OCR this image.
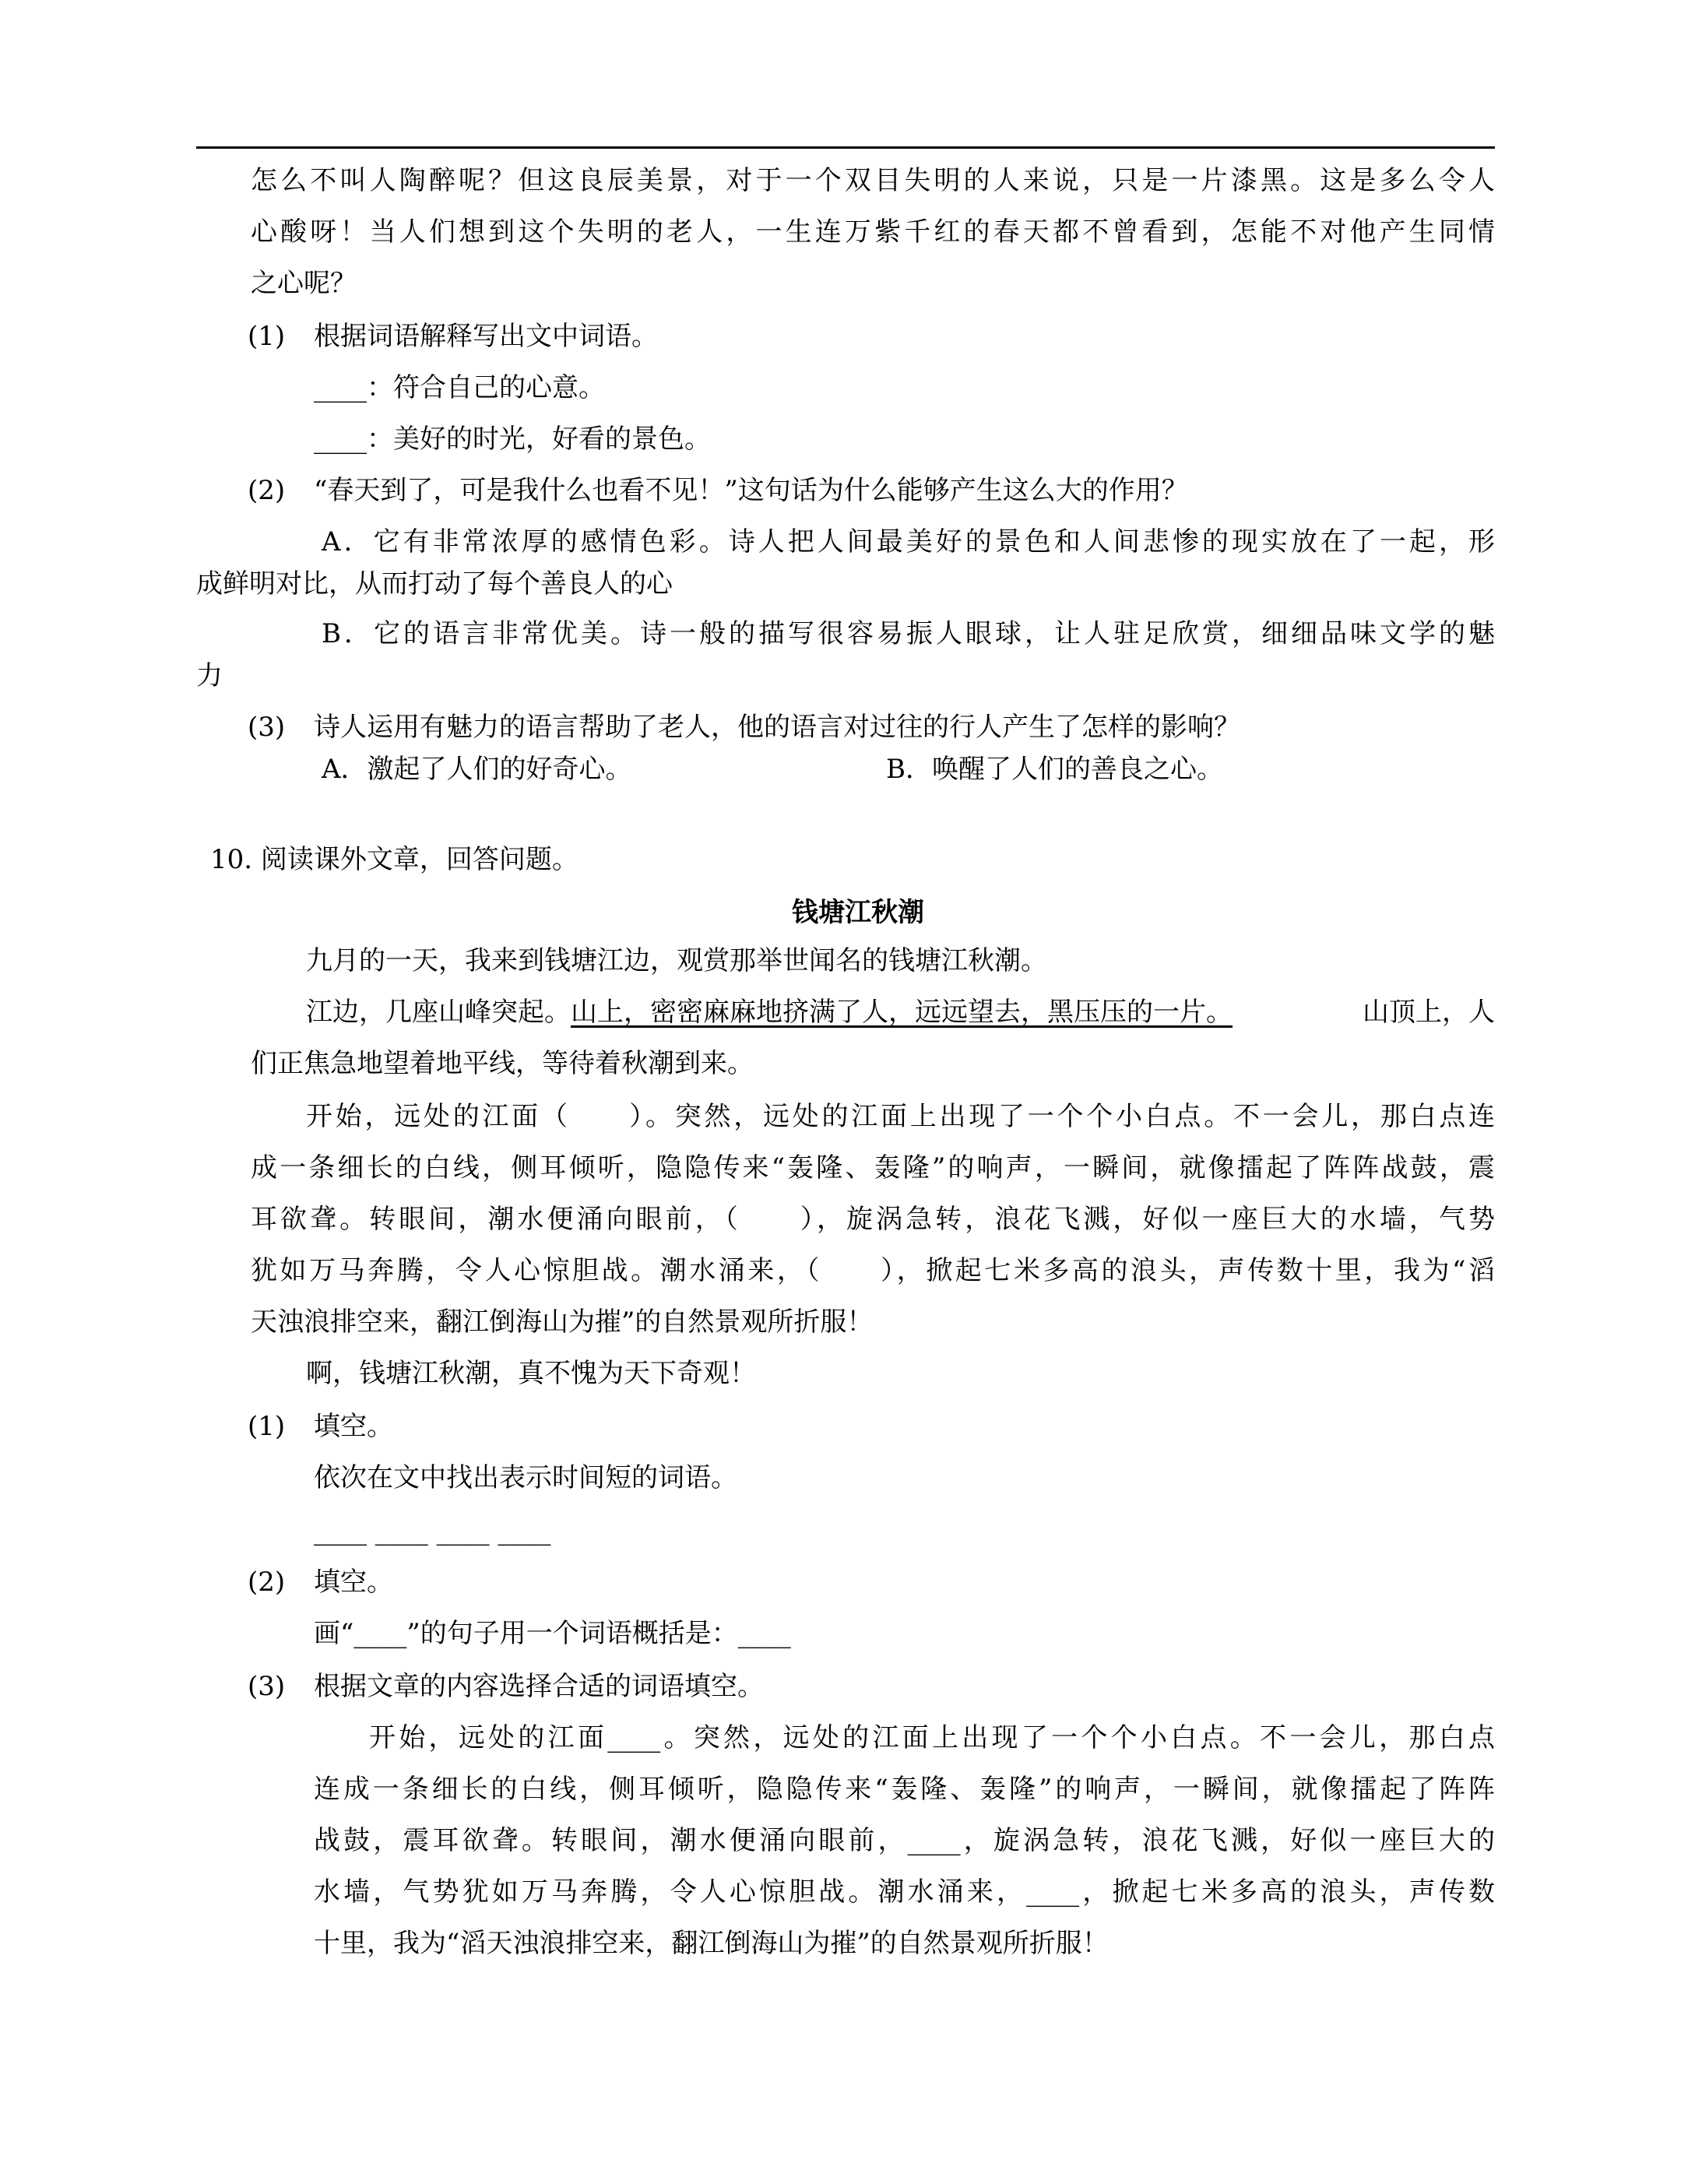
怎么不叫人陶醉呢？但这良辰美景，对于一个双目失明的人来说，只是一片漆黑。这是多么令人
心酸呀！当人们想到这个失明的老人，一生连万紫千红的春天都不曾看到，怎能不对他产生同情
之心呢？
(1) 根据词语解释写出文中词语。
____：符合自己的心意。
____：美好的时光，好看的景色。
(2) “春天到了，可是我什么也看不见！”这句话为什么能够产生这么大的作用？
A．它有非常浓厚的感情色彩。诗人把人间最美好的景色和人间悲惨的现实放在了一起，形
成鲜明对比，从而打动了每个善良人的心
B．它的语言非常优美。诗一般的描写很容易振人眼球，让人驻足欣赏，细细品味文学的魅
力
(3) 诗人运用有魅力的语言帮助了老人，他的语言对过往的行人产生了怎样的影响？
A．激起了人们的好奇心。	B．唤醒了人们的善良之心。
10. 阅读课外文章，回答问题。
钱塘江秋潮
九月的一天，我来到钱塘江边，观赏那举世闻名的钱塘江秋潮。
江边，几座山峰突起。 山上，密密麻麻地挤满了人，远远望去，黑压压的一片。	山顶上，人
们正焦急地望着地平线，等待着秋潮到来。
开始，远处的江面（　　）。突然，远处的江面上出现了一个个小白点。不一会儿，那白点连
成一条细长的白线，侧耳倾听，隐隐传来“轰隆、轰隆”的响声，一瞬间，就像擂起了阵阵战鼓，震
耳欲聋。转眼间，潮水便涌向眼前，（　　），旋涡急转，浪花飞溅，好似一座巨大的水墙，气势
犹如万马奔腾，令人心惊胆战。潮水涌来，（　　），掀起七米多高的浪头，声传数十里，我为“滔
天浊浪排空来，翻江倒海山为摧”的自然景观所折服！
啊，钱塘江秋潮，真不愧为天下奇观！
(1) 填空。
依次在文中找出表示时间短的词语。
____ ____ ____ ____
(2) 填空。
画“____”的句子用一个词语概括是：____
(3) 根据文章的内容选择合适的词语填空。
开始，远处的江面____。突然，远处的江面上出现了一个个小白点。不一会儿，那白点
连成一条细长的白线，侧耳倾听，隐隐传来“轰隆、轰隆”的响声，一瞬间，就像擂起了阵阵
战鼓，震耳欲聋。转眼间，潮水便涌向眼前，____，旋涡急转，浪花飞溅，好似一座巨大的
水墙，气势犹如万马奔腾，令人心惊胆战。潮水涌来，____，掀起七米多高的浪头，声传数
十里，我为“滔天浊浪排空来，翻江倒海山为摧”的自然景观所折服！
